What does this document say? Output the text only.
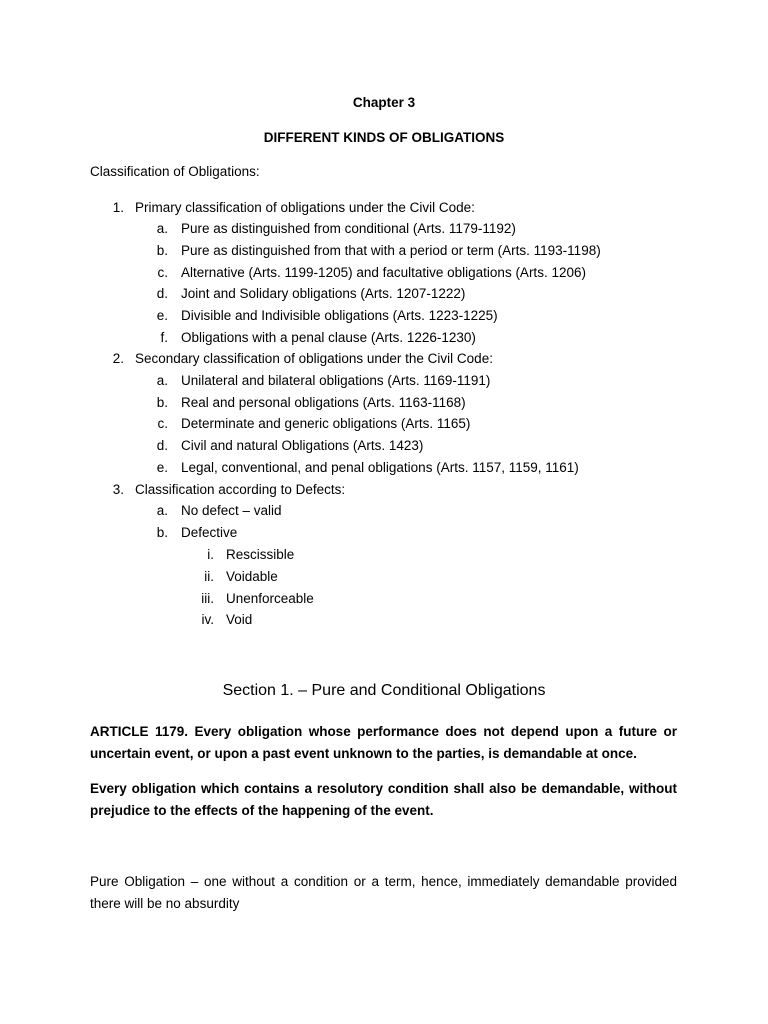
Chapter 3
DIFFERENT KINDS OF OBLIGATIONS
Classification of Obligations:
1. Primary classification of obligations under the Civil Code:
a. Pure as distinguished from conditional (Arts. 1179-1192)
b. Pure as distinguished from that with a period or term (Arts. 1193-1198)
c. Alternative (Arts. 1199-1205) and facultative obligations (Arts. 1206)
d. Joint and Solidary obligations (Arts. 1207-1222)
e. Divisible and Indivisible obligations (Arts. 1223-1225)
f. Obligations with a penal clause (Arts. 1226-1230)
2. Secondary classification of obligations under the Civil Code:
a. Unilateral and bilateral obligations (Arts. 1169-1191)
b. Real and personal obligations (Arts. 1163-1168)
c. Determinate and generic obligations (Arts. 1165)
d. Civil and natural Obligations (Arts. 1423)
e. Legal, conventional, and penal obligations (Arts. 1157, 1159, 1161)
3. Classification according to Defects:
a. No defect – valid
b. Defective
i. Rescissible
ii. Voidable
iii. Unenforceable
iv. Void
Section 1. – Pure and Conditional Obligations
ARTICLE 1179. Every obligation whose performance does not depend upon a future or uncertain event, or upon a past event unknown to the parties, is demandable at once.
Every obligation which contains a resolutory condition shall also be demandable, without prejudice to the effects of the happening of the event.
Pure Obligation – one without a condition or a term, hence, immediately demandable provided there will be no absurdity
